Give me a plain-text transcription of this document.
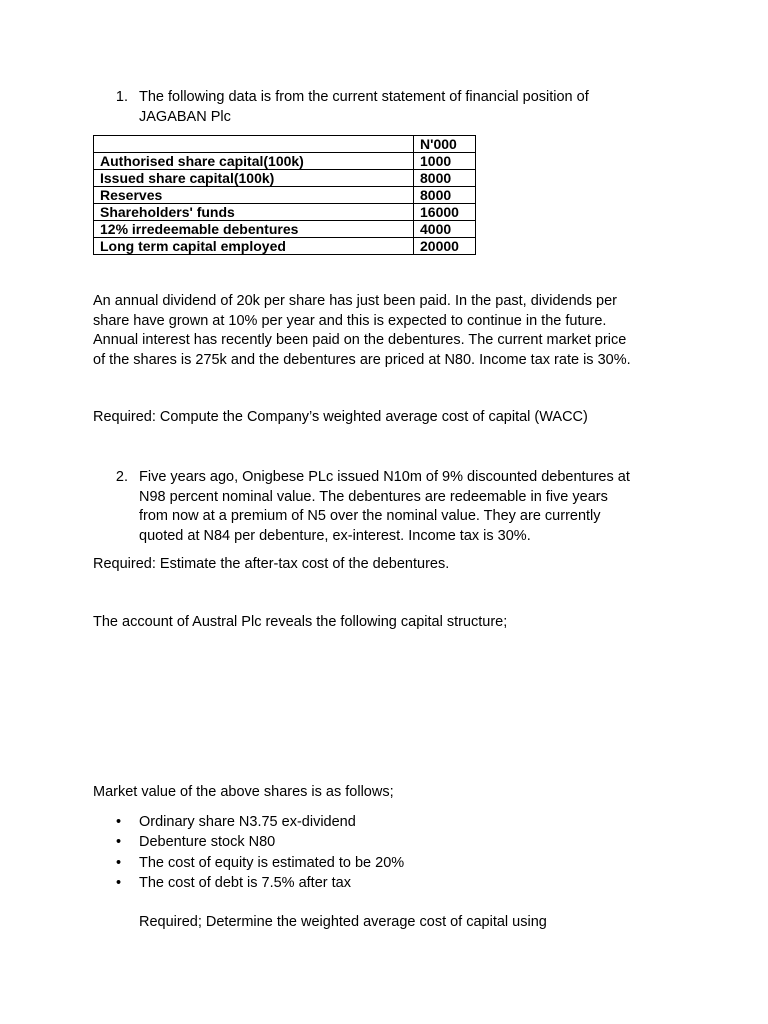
1. The following data is from the current statement of financial position of

JAGABAN Plc

	N'000
Authorised share capital(100k)	1000
Issued share capital(100k)	8000
Reserves	8000
Shareholders' funds	16000
12% irredeemable debentures	4000
Long term capital employed	20000

An annual dividend of 20k per share has just been paid. In the past, dividends per

share have grown at 10% per year and this is expected to continue in the future.

Annual interest has recently been paid on the debentures. The current market price

of the shares is 275k and the debentures are priced at N80. Income tax rate is 30%.

Required: Compute the Company’s weighted average cost of capital (WACC)

2. Five years ago, Onigbese PLc issued N10m of 9% discounted debentures at

N98 percent nominal value. The debentures are redeemable in five years

from now at a premium of N5 over the nominal value. They are currently

quoted at N84 per debenture, ex-interest. Income tax is 30%.

Required: Estimate the after-tax cost of the debentures.

The account of Austral Plc reveals the following capital structure;

Market value of the above shares is as follows;

• Ordinary share N3.75 ex-dividend
• Debenture stock N80
• The cost of equity is estimated to be 20%
• The cost of debt is 7.5% after tax

Required; Determine the weighted average cost of capital using
